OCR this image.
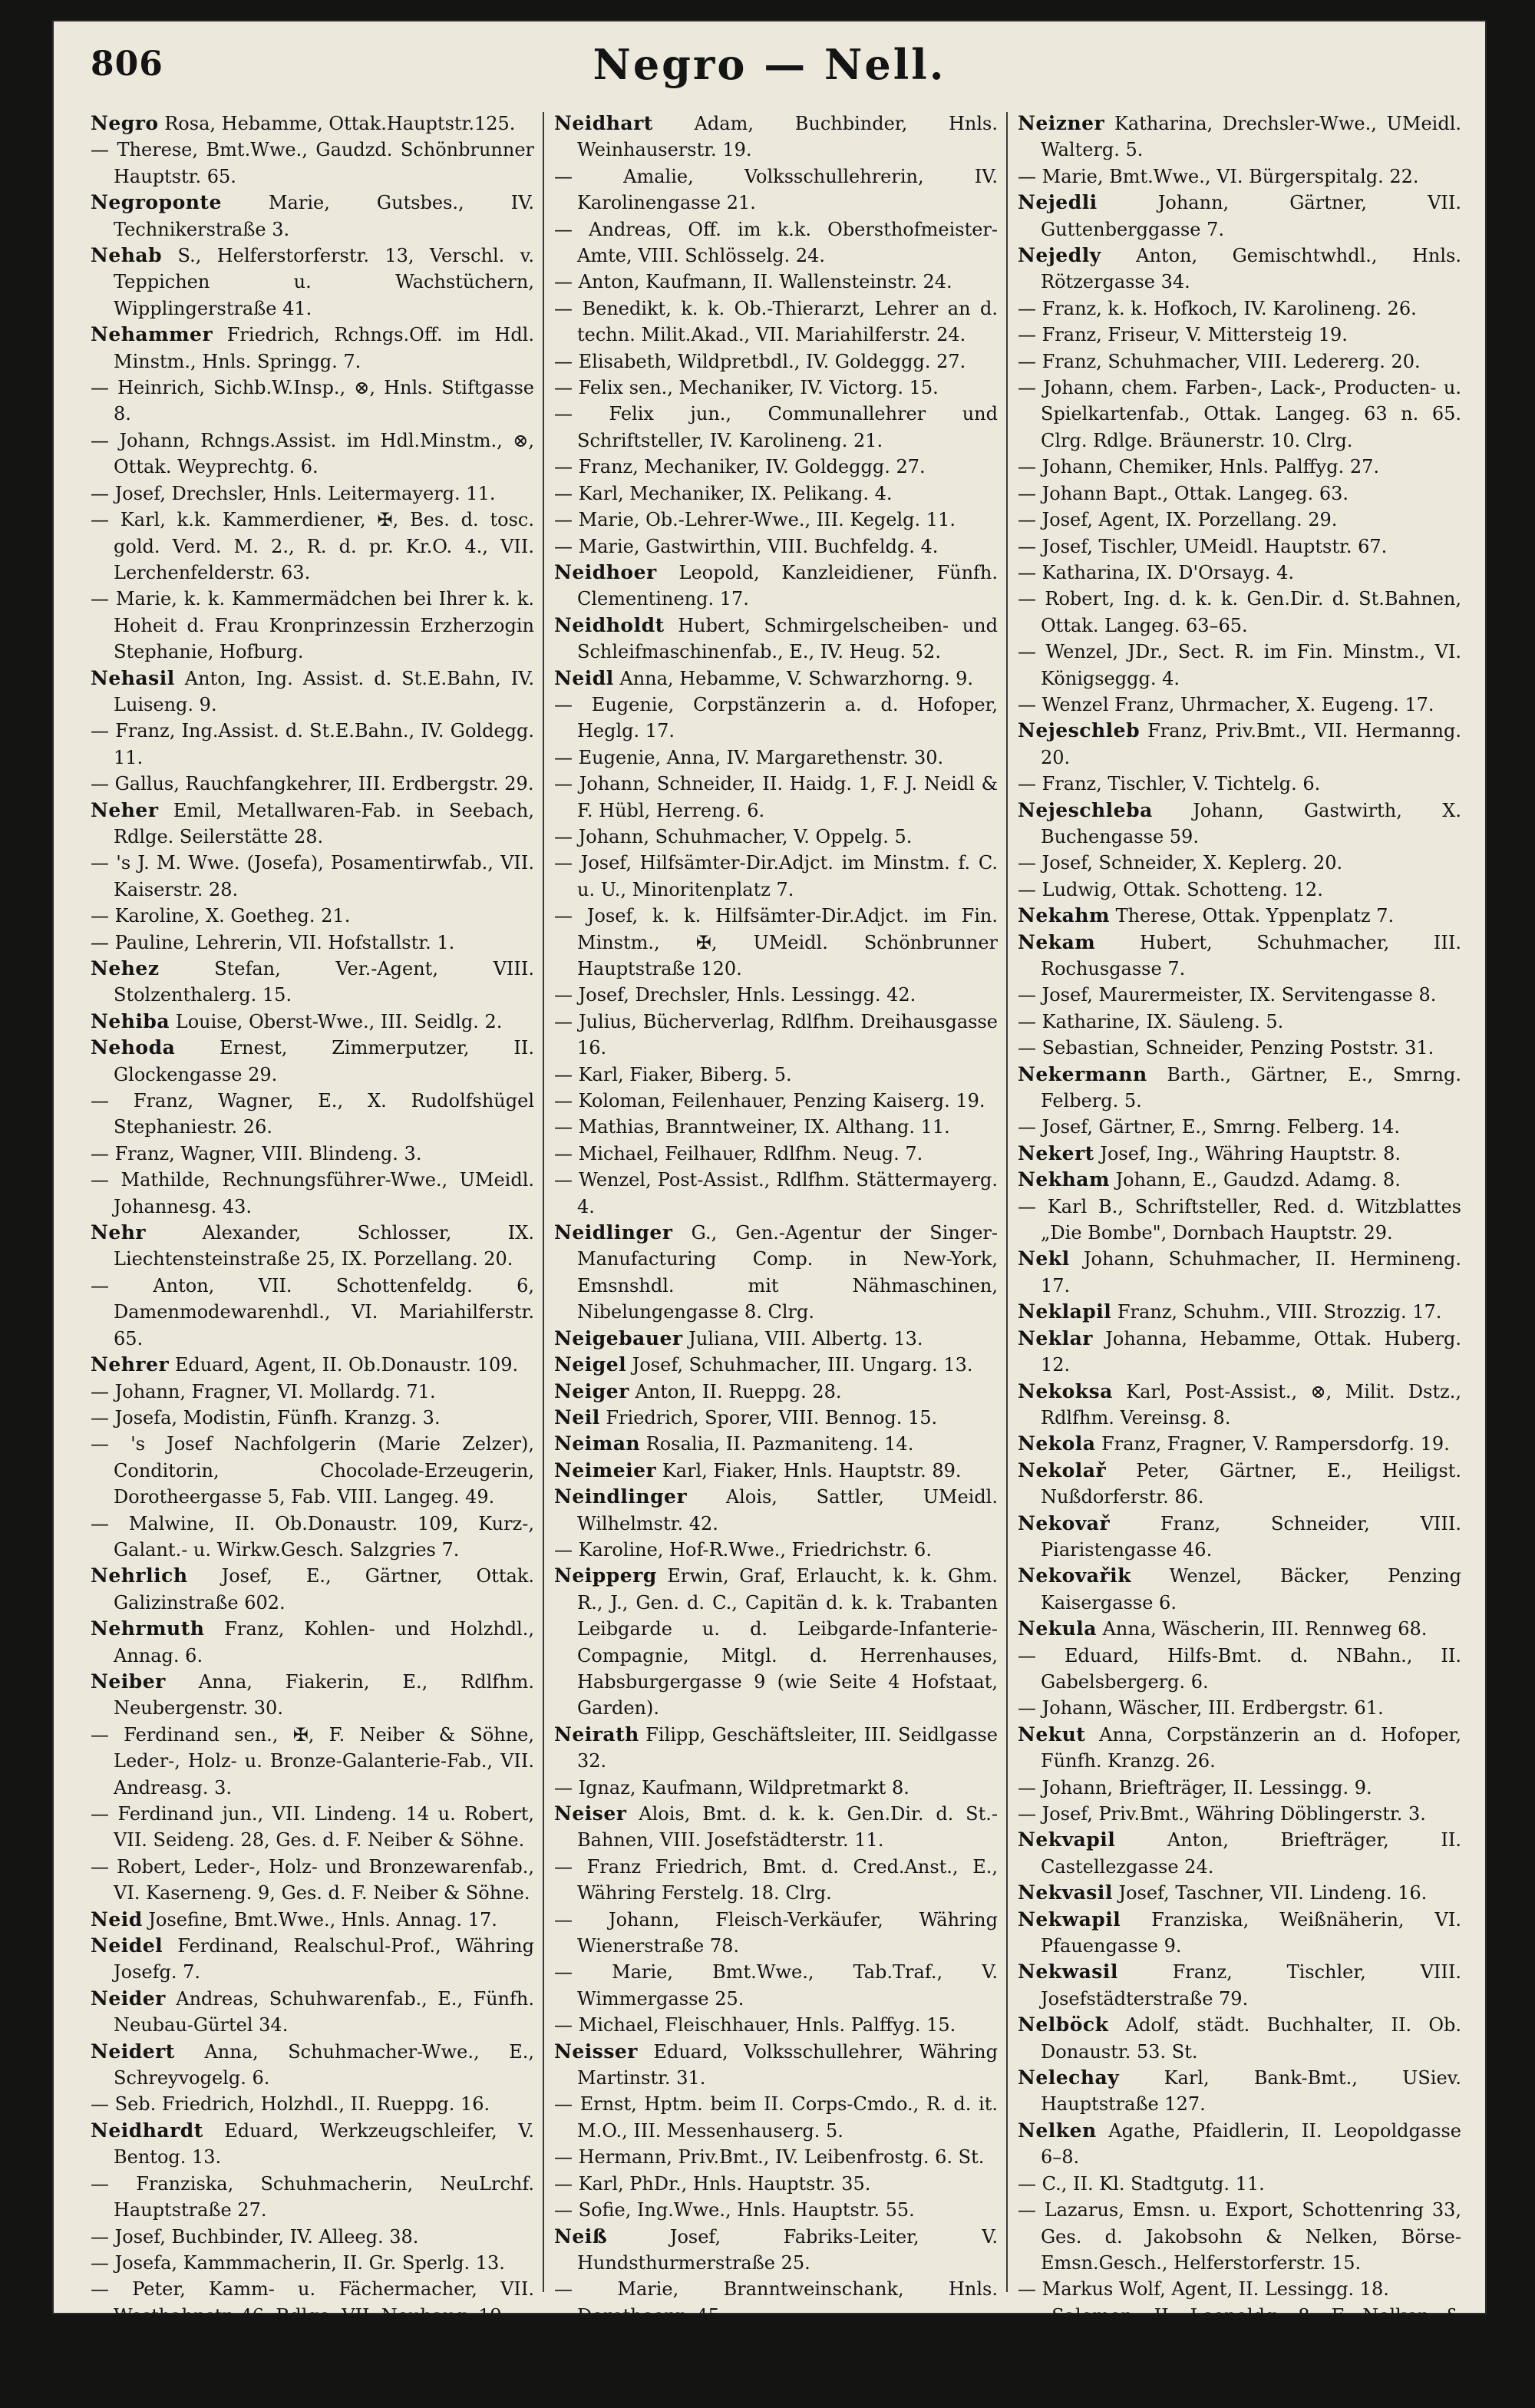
806	Negro — Nell.

Negro Rosa, Hebamme, Ottak.Hauptstr.125.

— Therese, Bmt.Wwe., Gaudzd. Schönbrunner Hauptstr. 65.

Negroponte	Marie, Gutsbes., IV. Technikerstraße 3.

Nehab S., Helferstorferstr. 13, Verschl. v. Teppichen u. Wachstüchern, Wipplingerstraße 41.

Nehammer Friedrich, Rchngs.Off. im Hdl. Minstm., Hnls. Springg. 7.

— Heinrich, Sichb.W.Insp., ⊗, Hnls. Stiftgasse 8.

— Johann, Rchngs.Assist. im Hdl.Minstm., ⊗, Ottak. Weyprechtg. 6.

— Josef, Drechsler, Hnls. Leitermayerg. 11.

— Karl, k.k. Kammerdiener, ✠, Bes. d. tosc. gold. Verd. M. 2., R. d. pr. Kr.O. 4., VII. Lerchenfelderstr. 63.

— Marie, k. k. Kammermädchen bei Ihrer k. k. Hoheit d. Frau Kronprinzessin Erzherzogin Stephanie, Hofburg.

Nehasil Anton, Ing. Assist. d. St.E.Bahn, IV. Luiseng. 9.

— Franz, Ing.Assist. d. St.E.Bahn., IV. Goldegg. 11.

— Gallus, Rauchfangkehrer, III. Erdbergstr. 29.

Neher Emil, Metallwaren-Fab. in Seebach, Rdlge. Seilerstätte 28.

— 's J. M. Wwe. (Josefa), Posamentirwfab., VII. Kaiserstr. 28.

— Karoline, X. Goetheg. 21.

— Pauline, Lehrerin, VII. Hofstallstr. 1.

Nehez	Stefan, Ver.-Agent, VIII. Stolzenthalerg. 15.

Nehiba Louise, Oberst-Wwe., III. Seidlg. 2.

Nehoda Ernest, Zimmerputzer, II. Glockengasse 29.

— Franz, Wagner, E., X. Rudolfshügel Stephaniestr. 26.

— Franz, Wagner, VIII. Blindeng. 3.

— Mathilde, Rechnungsführer-Wwe., UMeidl. Johannesg. 43.

Nehr	Alexander, Schlosser, IX. Liechtensteinstraße 25, IX. Porzellang. 20.

— Anton, VII. Schottenfeldg. 6, Damenmodewarenhdl., VI. Mariahilferstr. 65.

Nehrer Eduard, Agent, II. Ob.Donaustr. 109.

— Johann, Fragner, VI. Mollardg. 71.

— Josefa, Modistin, Fünfh. Kranzg. 3.

— 's Josef Nachfolgerin (Marie Zelzer), Conditorin, Chocolade-Erzeugerin, Dorotheergasse 5, Fab. VIII. Langeg. 49.

— Malwine, II. Ob.Donaustr. 109, Kurz-, Galant.- u. Wirkw.Gesch. Salzgries 7.

Nehrlich Josef, E., Gärtner, Ottak. Galizinstraße 602.

Nehrmuth Franz, Kohlen- und Holzhdl., Annag. 6.

Neiber Anna, Fiakerin, E., Rdlfhm. Neubergenstr. 30.

— Ferdinand sen., ✠, F. Neiber & Söhne, Leder-, Holz- u. Bronze-Galanterie-Fab., VII. Andreasg. 3.

— Ferdinand jun., VII. Lindeng. 14 u. Robert, VII. Seideng. 28, Ges. d. F. Neiber & Söhne.

— Robert, Leder-, Holz- und Bronzewarenfab., VI. Kaserneng. 9, Ges. d. F. Neiber & Söhne.

Neid Josefine, Bmt.Wwe., Hnls. Annag. 17.

Neidel Ferdinand, Realschul-Prof., Währing Josefg. 7.

Neider Andreas, Schuhwarenfab., E., Fünfh. Neubau-Gürtel 34.

Neidert Anna, Schuhmacher-Wwe., E., Schreyvogelg. 6.

— Seb. Friedrich, Holzhdl., II. Rueppg. 16.

Neidhardt Eduard, Werkzeugschleifer, V. Bentog. 13.

— Franziska, Schuhmacherin, NeuLrchf. Hauptstraße 27.

— Josef, Buchbinder, IV. Alleeg. 38.

— Josefa, Kammmacherin, II. Gr. Sperlg. 13.

— Peter, Kamm- u. Fächermacher, VII. Westbahnstr. 46, Rdlge. VII. Neubaug. 19.

Neidhart Adam, Buchbinder, Hnls. Weinhauserstr. 19.

— Amalie, Volksschullehrerin, IV. Karolinengasse 21.

— Andreas, Off. im k.k. Obersthofmeister-Amte, VIII. Schlösselg. 24.

— Anton, Kaufmann, II. Wallensteinstr. 24.

— Benedikt, k. k. Ob.-Thierarzt, Lehrer an d. techn. Milit.Akad., VII. Mariahilferstr. 24.

— Elisabeth, Wildpretbdl., IV. Goldeggg. 27.

— Felix sen., Mechaniker, IV. Victorg. 15.

— Felix jun., Communallehrer und Schriftsteller, IV. Karolineng. 21.

— Franz, Mechaniker, IV. Goldeggg. 27.

— Karl, Mechaniker, IX. Pelikang. 4.

— Marie, Ob.-Lehrer-Wwe., III. Kegelg. 11.

— Marie, Gastwirthin, VIII. Buchfeldg. 4.

Neidhoer Leopold, Kanzleidiener, Fünfh. Clementineng. 17.

Neidholdt Hubert, Schmirgelscheiben- und Schleifmaschinenfab., E., IV. Heug. 52.

Neidl Anna, Hebamme, V. Schwarzhorng. 9.

— Eugenie, Corpstänzerin a. d. Hofoper, Heglg. 17.

— Eugenie, Anna, IV. Margarethenstr. 30.

— Johann, Schneider, II. Haidg. 1, F. J. Neidl & F. Hübl, Herreng. 6.

— Johann, Schuhmacher, V. Oppelg. 5.

— Josef, Hilfsämter-Dir.Adjct. im Minstm. f. C. u. U., Minoritenplatz 7.

— Josef, k. k. Hilfsämter-Dir.Adjct. im Fin. Minstm., ✠, UMeidl. Schönbrunner Hauptstraße 120.

— Josef, Drechsler, Hnls. Lessingg. 42.

— Julius, Bücherverlag, Rdlfhm. Dreihausgasse 16.

— Karl, Fiaker, Biberg. 5.

— Koloman, Feilenhauer, Penzing Kaiserg. 19.

— Mathias, Branntweiner, IX. Althang. 11.

— Michael, Feilhauer, Rdlfhm. Neug. 7.

— Wenzel, Post-Assist., Rdlfhm. Stättermayerg. 4.

Neidlinger G., Gen.-Agentur der Singer-Manufacturing Comp. in New-York, Emsnshdl. mit Nähmaschinen, Nibelungengasse 8. Clrg.

Neigebauer Juliana, VIII. Albertg. 13.

Neigel Josef, Schuhmacher, III. Ungarg. 13.

Neiger Anton, II. Rueppg. 28.

Neil Friedrich, Sporer, VIII. Bennog. 15.

Neiman Rosalia, II. Pazmaniteng. 14.

Neimeier Karl, Fiaker, Hnls. Hauptstr. 89.

Neindlinger Alois, Sattler, UMeidl. Wilhelmstr. 42.

— Karoline, Hof-R.Wwe., Friedrichstr. 6.

Neipperg Erwin, Graf, Erlaucht, k. k. Ghm. R., J., Gen. d. C., Capitän d. k. k. Trabanten Leibgarde u. d. Leibgarde-Infanterie-Compagnie, Mitgl. d. Herrenhauses, Habsburgergasse 9 (wie Seite 4 Hofstaat, Garden).

Neirath Filipp, Geschäftsleiter, III. Seidlgasse 32.

— Ignaz, Kaufmann, Wildpretmarkt 8.

Neiser Alois, Bmt. d. k. k. Gen.Dir. d. St.-Bahnen, VIII. Josefstädterstr. 11.

— Franz Friedrich, Bmt. d. Cred.Anst., E., Währing Ferstelg. 18. Clrg.

— Johann, Fleisch-Verkäufer, Währing Wienerstraße 78.

— Marie, Bmt.Wwe., Tab.Traf., V. Wimmergasse 25.

— Michael, Fleischhauer, Hnls. Palffyg. 15.

Neisser Eduard, Volksschullehrer, Währing Martinstr. 31.

— Ernst, Hptm. beim II. Corps-Cmdo., R. d. it. M.O., III. Messenhauserg. 5.

— Hermann, Priv.Bmt., IV. Leibenfrostg. 6. St.

— Karl, PhDr., Hnls. Hauptstr. 35.

— Sofie, Ing.Wwe., Hnls. Hauptstr. 55.

Neiß	Josef, Fabriks-Leiter, V. Hundsthurmerstraße 25.

— Marie, Branntweinschank, Hnls. Dorotheerg. 45.

— Sylvester, Hnls. Dorotheerg. 45.

Neizner Katharina, Drechsler-Wwe., UMeidl. Walterg. 5.

— Marie, Bmt.Wwe., VI. Bürgerspitalg. 22.

Nejedli	Johann, Gärtner, VII. Guttenberggasse 7.

Nejedly Anton, Gemischtwhdl., Hnls. Rötzergasse 34.

— Franz, k. k. Hofkoch, IV. Karolineng. 26.

— Franz, Friseur, V. Mittersteig 19.

— Franz, Schuhmacher, VIII. Ledererg. 20.

— Johann, chem. Farben-, Lack-, Producten- u. Spielkartenfab., Ottak. Langeg. 63 n. 65. Clrg. Rdlge. Bräunerstr. 10. Clrg.

— Johann, Chemiker, Hnls. Palffyg. 27.

— Johann Bapt., Ottak. Langeg. 63.

— Josef, Agent, IX. Porzellang. 29.

— Josef, Tischler, UMeidl. Hauptstr. 67.

— Katharina, IX. D'Orsayg. 4.

— Robert, Ing. d. k. k. Gen.Dir. d. St.Bahnen, Ottak. Langeg. 63–65.

— Wenzel, JDr., Sect. R. im Fin. Minstm., VI. Königseggg. 4.

— Wenzel Franz, Uhrmacher, X. Eugeng. 17.

Nejeschleb Franz, Priv.Bmt., VII. Hermanng. 20.

— Franz, Tischler, V. Tichtelg. 6.

Nejeschleba Johann, Gastwirth, X. Buchengasse 59.

— Josef, Schneider, X. Keplerg. 20.

— Ludwig, Ottak. Schotteng. 12.

Nekahm Therese, Ottak. Yppenplatz 7.

Nekam Hubert, Schuhmacher, III. Rochusgasse 7.

— Josef, Maurermeister, IX. Servitengasse 8.

— Katharine, IX. Säuleng. 5.

— Sebastian, Schneider, Penzing Poststr. 31.

Nekermann Barth., Gärtner, E., Smrng. Felberg. 5.

— Josef, Gärtner, E., Smrng. Felberg. 14.

Nekert Josef, Ing., Währing Hauptstr. 8.

Nekham Johann, E., Gaudzd. Adamg. 8.

— Karl B., Schriftsteller, Red. d. Witzblattes „Die Bombe", Dornbach Hauptstr. 29.

Nekl Johann, Schuhmacher, II. Hermineng. 17.

Neklapil Franz, Schuhm., VIII. Strozzig. 17.

Neklar Johanna, Hebamme, Ottak. Huberg. 12.

Nekoksa Karl, Post-Assist., ⊗, Milit. Dstz., Rdlfhm. Vereinsg. 8.

Nekola Franz, Fragner, V. Rampersdorfg. 19.

Nekolař Peter, Gärtner, E., Heiligst. Nußdorferstr. 86.

Nekovař	Franz, Schneider, VIII. Piaristengasse 46.

Nekovařik Wenzel, Bäcker, Penzing Kaisergasse 6.

Nekula Anna, Wäscherin, III. Rennweg 68.

— Eduard, Hilfs-Bmt. d. NBahn., II. Gabelsbergerg. 6.

— Johann, Wäscher, III. Erdbergstr. 61.

Nekut Anna, Corpstänzerin an d. Hofoper, Fünfh. Kranzg. 26.

— Johann, Briefträger, II. Lessingg. 9.

— Josef, Priv.Bmt., Währing Döblingerstr. 3.

Nekvapil	Anton, Briefträger, II. Castellezgasse 24.

Nekvasil Josef, Taschner, VII. Lindeng. 16.

Nekwapil Franziska, Weißnäherin, VI. Pfauengasse 9.

Nekwasil	Franz, Tischler, VIII. Josefstädterstraße 79.

Nelböck Adolf, städt. Buchhalter, II. Ob. Donaustr. 53. St.

Nelechay Karl, Bank-Bmt., USiev. Hauptstraße 127.

Nelken Agathe, Pfaidlerin, II. Leopoldgasse 6–8.

— C., II. Kl. Stadtgutg. 11.

— Lazarus, Emsn. u. Export, Schottenring 33, Ges. d. Jakobsohn & Nelken, Börse-Emsn.Gesch., Helferstorferstr. 15.

— Markus Wolf, Agent, II. Lessingg. 18.

— Salomon, II. Leopoldg. 8, F. Nelken & Necheles, Pfaidler, II. Lilienbrunng. 5.

— Taube, Confectionärin, II. Glockeng. 15.

Nell Alex., Teppichmonteur, Salzgries 23.
